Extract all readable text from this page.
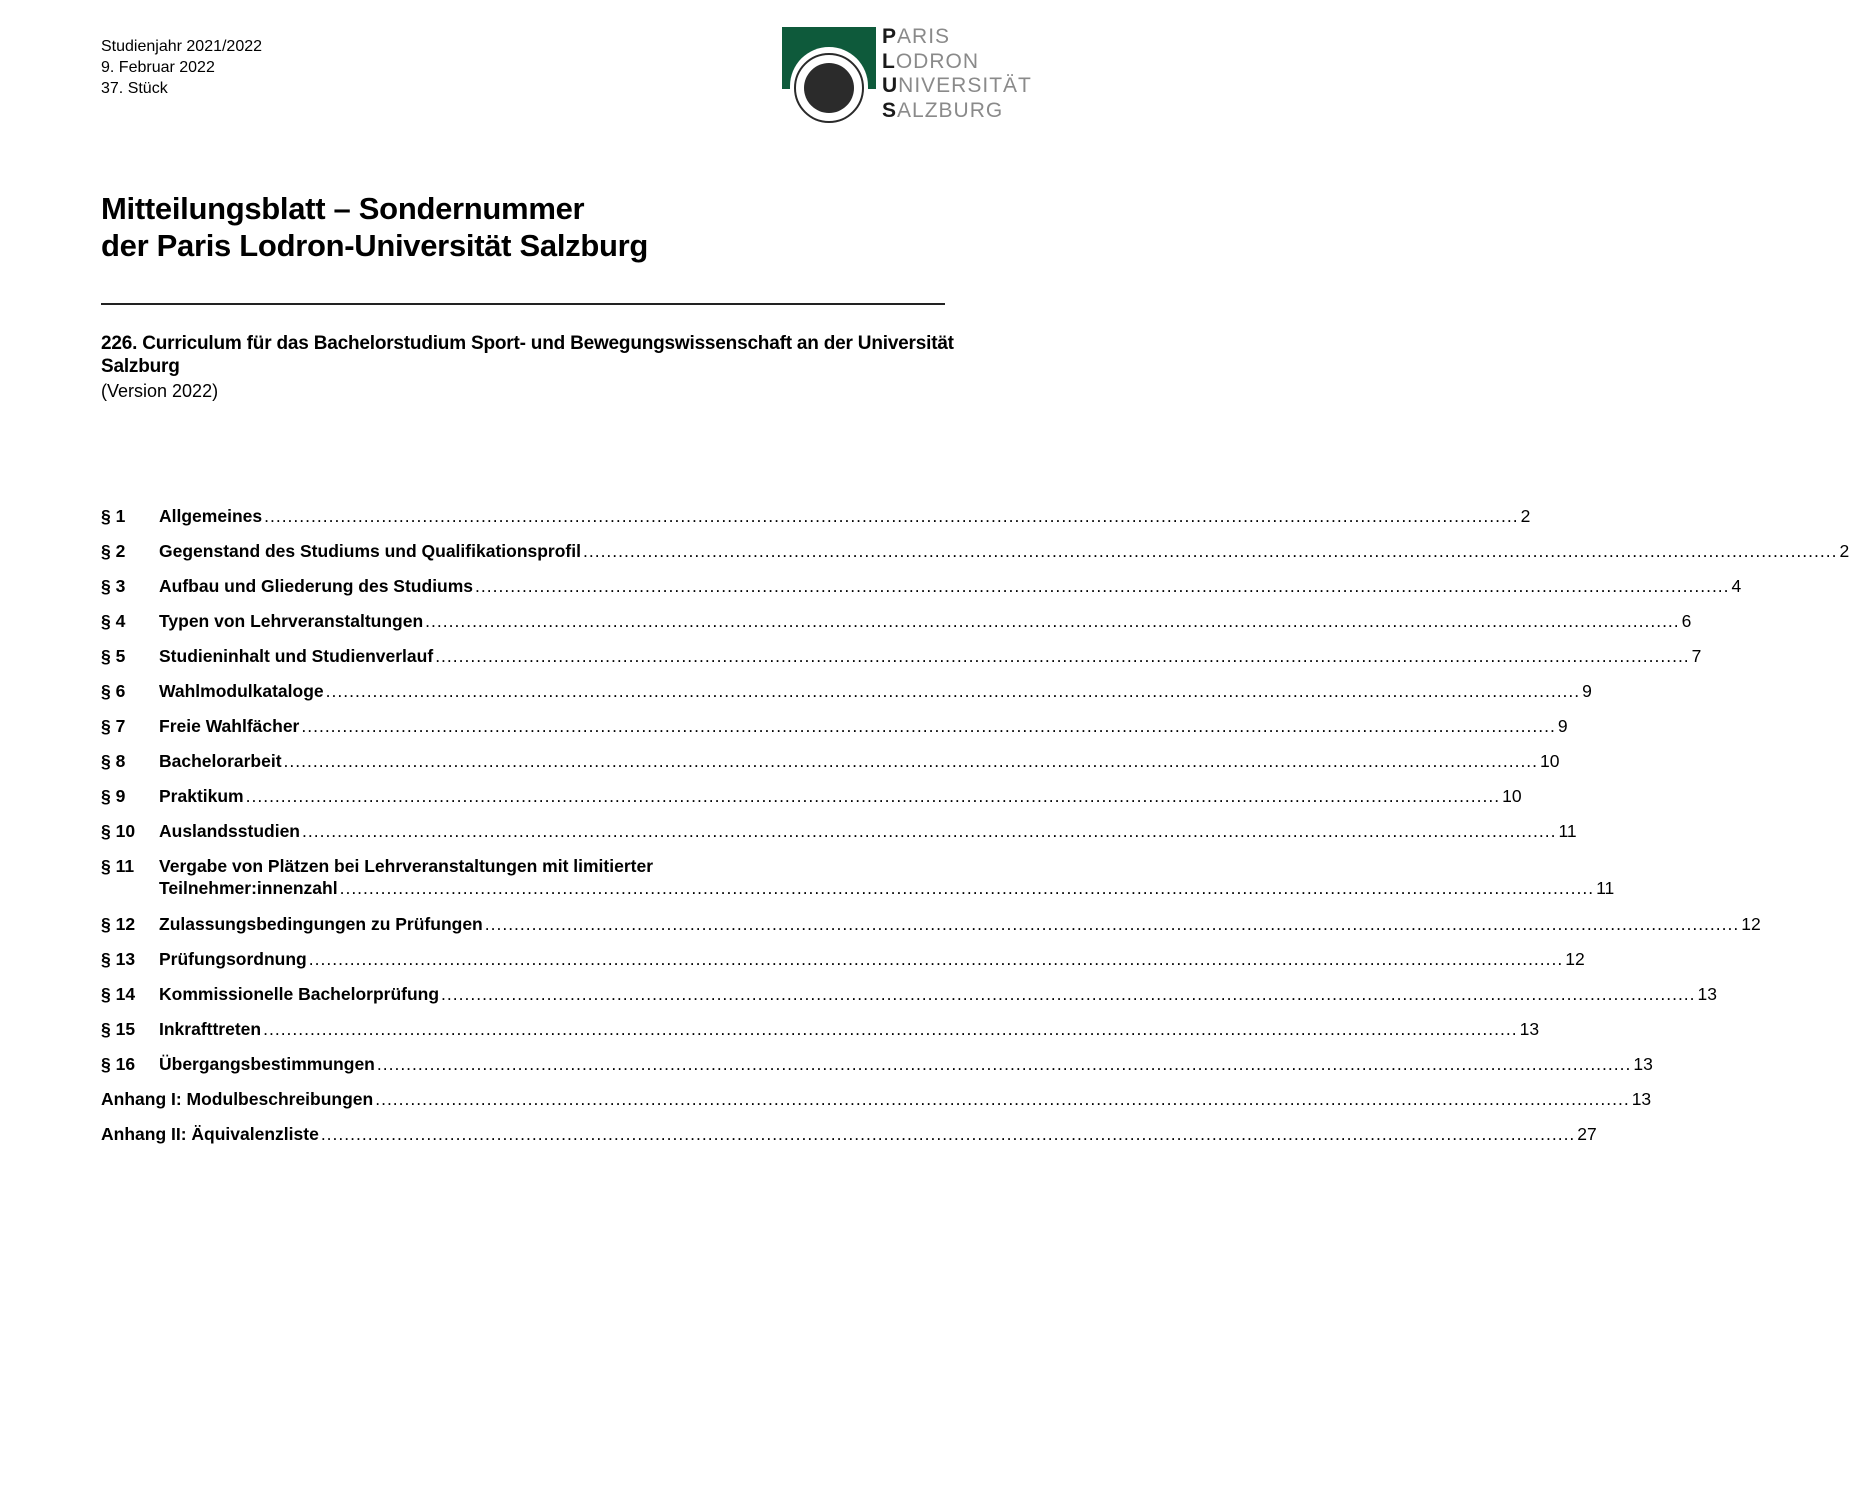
Studienjahr 2021/2022
9. Februar 2022
37. Stück
PARIS
LODRON
UNIVERSITÄT
SALZBURG
Mitteilungsblatt – Sondernummer
der Paris Lodron-Universität Salzburg
226. Curriculum für das Bachelorstudium Sport- und Bewegungswissenschaft an der Universität Salzburg
(Version 2022)
§ 1	Allgemeines .....	2
§ 2	Gegenstand des Studiums und Qualifikationsprofil .....	2
§ 3	Aufbau und Gliederung des Studiums .....	4
§ 4	Typen von Lehrveranstaltungen .....	6
§ 5	Studieninhalt und Studienverlauf .....	7
§ 6	Wahlmodulkataloge .....	9
§ 7	Freie Wahlfächer .....	9
§ 8	Bachelorarbeit .....	10
§ 9	Praktikum .....	10
§ 10	Auslandsstudien .....	11
§ 11	Vergabe von Plätzen bei Lehrveranstaltungen mit limitierter
Teilnehmer:innenzahl .....	11
§ 12	Zulassungsbedingungen zu Prüfungen .....	12
§ 13	Prüfungsordnung .....	12
§ 14	Kommissionelle Bachelorprüfung .....	13
§ 15	Inkrafttreten .....	13
§ 16	Übergangsbestimmungen .....	13
Anhang I: Modulbeschreibungen .....	13
Anhang II: Äquivalenzliste .....	27
